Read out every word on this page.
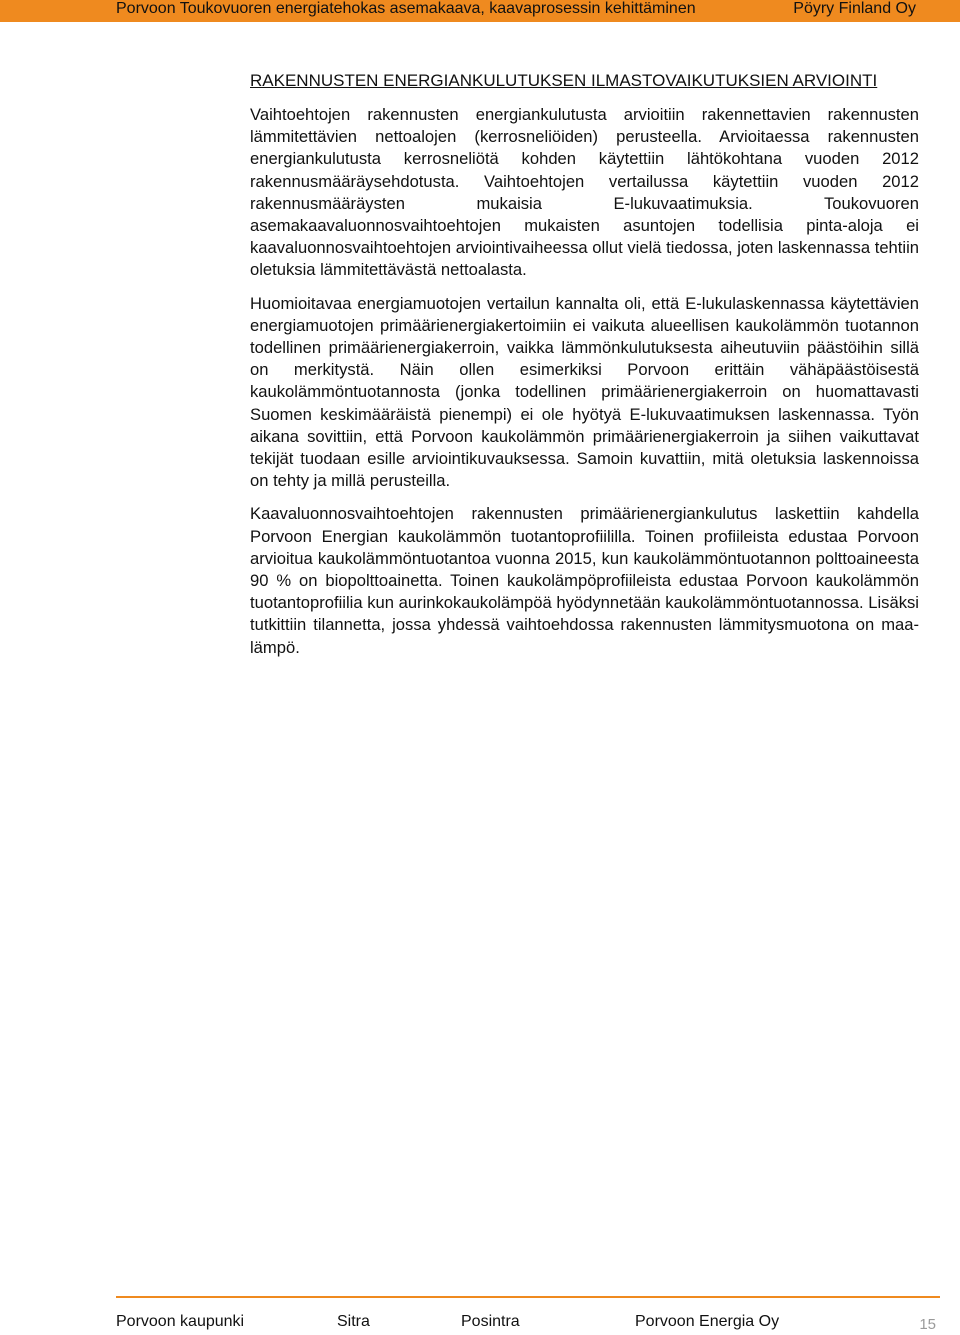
Porvoon Toukovuoren energiatehokas asemakaava, kaavaprosessin kehittäminen	Pöyry Finland Oy
RAKENNUSTEN ENERGIANKULUTUKSEN ILMASTOVAIKUTUKSIEN ARVIOINTI

Vaihtoehtojen rakennusten energiankulutusta arvioitiin rakennettavien rakennusten lämmitettävien nettoalojen (kerrosneliöiden) perusteella. Arvioitaessa rakennusten energiankulutusta kerrosneliötä kohden käytettiin lähtökohtana vuoden 2012 rakennusmääräysehdotusta. Vaihtoehtojen vertailussa käytettiin vuoden 2012 rakennusmääräysten mukaisia E-lukuvaatimuksia. Toukovuoren asemakaavaluonnosvaihtoehtojen mukaisten asuntojen todellisia pinta-aloja ei kaavaluonnosvaihtoehtojen arviointivaiheessa ollut vielä tiedossa, joten laskennassa tehtiin oletuksia lämmitettävästä nettoalasta.

Huomioitavaa energiamuotojen vertailun kannalta oli, että E-lukulaskennassa käytettävien energiamuotojen primäärienergiakertoimiin ei vaikuta alueellisen kaukolämmön tuotannon todellinen primäärienergiakerroin, vaikka lämmönkulutuksesta aiheutuviin päästöihin sillä on merkitystä. Näin ollen esimerkiksi Porvoon erittäin vähäpäästöisestä kaukolämmöntuotannosta (jonka todellinen primäärienergiakerroin on huomattavasti Suomen keskimääräistä pienempi) ei ole hyötyä E-lukuvaatimuksen laskennassa. Työn aikana sovittiin, että Porvoon kaukolämmön primäärienergiakerroin ja siihen vaikuttavat tekijät tuodaan esille arviointikuvauksessa. Samoin kuvattiin, mitä oletuksia laskennoissa on tehty ja millä perusteilla.

Kaavaluonnosvaihtoehtojen rakennusten primäärienergiankulutus laskettiin kahdella Porvoon Energian kaukolämmön tuotantoprofiililla. Toinen profiileista edustaa Porvoon arvioitua kaukolämmöntuotantoa vuonna 2015, kun kaukolämmöntuotannon polttoaineesta 90 % on biopolttoainetta. Toinen kaukolämpöprofiileista edustaa Porvoon kaukolämmön tuotantoprofiilia kun aurinkokaukolämpöä hyödynnetään kaukolämmöntuotannossa. Lisäksi tutkittiin tilannetta, jossa yhdessä vaihtoehdossa rakennusten lämmitysmuotona on maalämpö.

Porvoon kaupunki	Sitra	Posintra	Porvoon Energia Oy	15
